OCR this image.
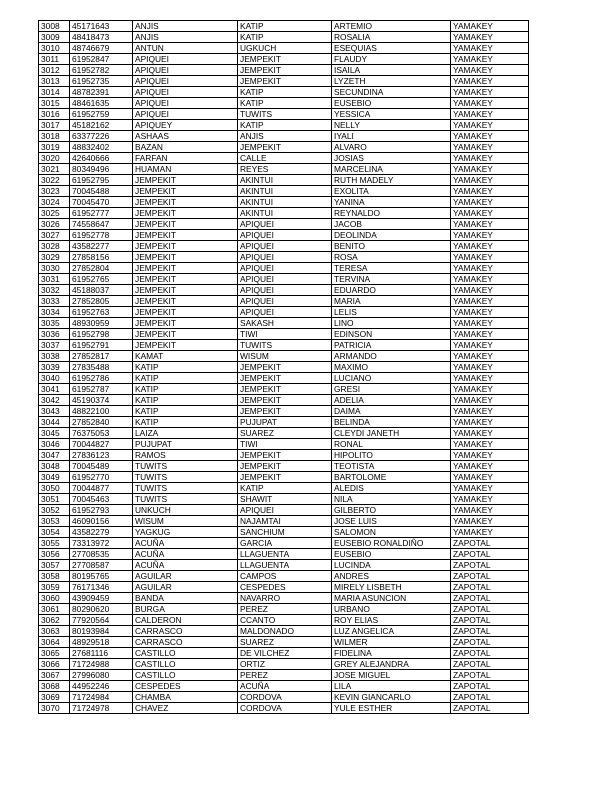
3008	45171643	ANJIS	KATIP	ARTEMIO	YAMAKEY
3009	48418473	ANJIS	KATIP	ROSALIA	YAMAKEY
3010	48746679	ANTUN	UGKUCH	ESEQUIAS	YAMAKEY
3011	61952847	APIQUEI	JEMPEKIT	FLAUDY	YAMAKEY
3012	61952782	APIQUEI	JEMPEKIT	ISAILA	YAMAKEY
3013	61952735	APIQUEI	JEMPEKIT	LYZETH	YAMAKEY
3014	48782391	APIQUEI	KATIP	SECUNDINA	YAMAKEY
3015	48461635	APIQUEI	KATIP	EUSEBIO	YAMAKEY
3016	61952759	APIQUEI	TUWITS	YESSICA	YAMAKEY
3017	45182162	APIQUEY	KATIP	NELLY	YAMAKEY
3018	63377226	ASHAAS	ANJIS	IYALI	YAMAKEY
3019	48832402	BAZAN	JEMPEKIT	ALVARO	YAMAKEY
3020	42640666	FARFAN	CALLE	JOSIAS	YAMAKEY
3021	80349496	HUAMAN	REYES	MARCELINA	YAMAKEY
3022	61952795	JEMPEKIT	AKINTUI	RUTH MADELY	YAMAKEY
3023	70045488	JEMPEKIT	AKINTUI	EXOLITA	YAMAKEY
3024	70045470	JEMPEKIT	AKINTUI	YANINA	YAMAKEY
3025	61952777	JEMPEKIT	AKINTUI	REYNALDO	YAMAKEY
3026	74558647	JEMPEKIT	APIQUEI	JACOB	YAMAKEY
3027	61952778	JEMPEKIT	APIQUEI	DEOLINDA	YAMAKEY
3028	43582277	JEMPEKIT	APIQUEI	BENITO	YAMAKEY
3029	27858156	JEMPEKIT	APIQUEI	ROSA	YAMAKEY
3030	27852804	JEMPEKIT	APIQUEI	TERESA	YAMAKEY
3031	61952765	JEMPEKIT	APIQUEI	TERVINA	YAMAKEY
3032	45188037	JEMPEKIT	APIQUEI	EDUARDO	YAMAKEY
3033	27852805	JEMPEKIT	APIQUEI	MARIA	YAMAKEY
3034	61952763	JEMPEKIT	APIQUEI	LELIS	YAMAKEY
3035	48930959	JEMPEKIT	SAKASH	LINO	YAMAKEY
3036	61952798	JEMPEKIT	TIWI	EDINSON	YAMAKEY
3037	61952791	JEMPEKIT	TUWITS	PATRICIA	YAMAKEY
3038	27852817	KAMAT	WISUM	ARMANDO	YAMAKEY
3039	27835488	KATIP	JEMPEKIT	MAXIMO	YAMAKEY
3040	61952786	KATIP	JEMPEKIT	LUCIANO	YAMAKEY
3041	61952787	KATIP	JEMPEKIT	GRESI	YAMAKEY
3042	45190374	KATIP	JEMPEKIT	ADELIA	YAMAKEY
3043	48822100	KATIP	JEMPEKIT	DAIMA	YAMAKEY
3044	27852840	KATIP	PUJUPAT	BELINDA	YAMAKEY
3045	76375053	LAIZA	SUAREZ	CLEYDI JANETH	YAMAKEY
3046	70044827	PUJUPAT	TIWI	RONAL	YAMAKEY
3047	27836123	RAMOS	JEMPEKIT	HIPOLITO	YAMAKEY
3048	70045489	TUWITS	JEMPEKIT	TEOTISTA	YAMAKEY
3049	61952770	TUWITS	JEMPEKIT	BARTOLOME	YAMAKEY
3050	70044877	TUWITS	KATIP	ALEDIS	YAMAKEY
3051	70045463	TUWITS	SHAWIT	NILA	YAMAKEY
3052	61952793	UNKUCH	APIQUEI	GILBERTO	YAMAKEY
3053	46090156	WISUM	NAJAMTAI	JOSE LUIS	YAMAKEY
3054	43582279	YAGKUG	SANCHIUM	SALOMON	YAMAKEY
3055	73313972	ACUÑA	GARCIA	EUSEBIO RONALDIÑO	ZAPOTAL
3056	27708535	ACUÑA	LLAGUENTA	EUSEBIO	ZAPOTAL
3057	27708587	ACUÑA	LLAGUENTA	LUCINDA	ZAPOTAL
3058	80195765	AGUILAR	CAMPOS	ANDRES	ZAPOTAL
3059	76171346	AGUILAR	CESPEDES	MIRELY LISBETH	ZAPOTAL
3060	43909459	BANDA	NAVARRO	MARIA ASUNCION	ZAPOTAL
3061	80290620	BURGA	PEREZ	URBANO	ZAPOTAL
3062	77920564	CALDERON	CCANTO	ROY ELIAS	ZAPOTAL
3063	80193984	CARRASCO	MALDONADO	LUZ ANGELICA	ZAPOTAL
3064	48929518	CARRASCO	SUAREZ	WILMER	ZAPOTAL
3065	27681116	CASTILLO	DE VILCHEZ	FIDELINA	ZAPOTAL
3066	71724988	CASTILLO	ORTIZ	GREY ALEJANDRA	ZAPOTAL
3067	27996080	CASTILLO	PEREZ	JOSE MIGUEL	ZAPOTAL
3068	44952246	CESPEDES	ACUÑA	LILA	ZAPOTAL
3069	71724984	CHAMBA	CORDOVA	KEVIN GIANCARLO	ZAPOTAL
3070	71724978	CHAVEZ	CORDOVA	YULE ESTHER	ZAPOTAL
